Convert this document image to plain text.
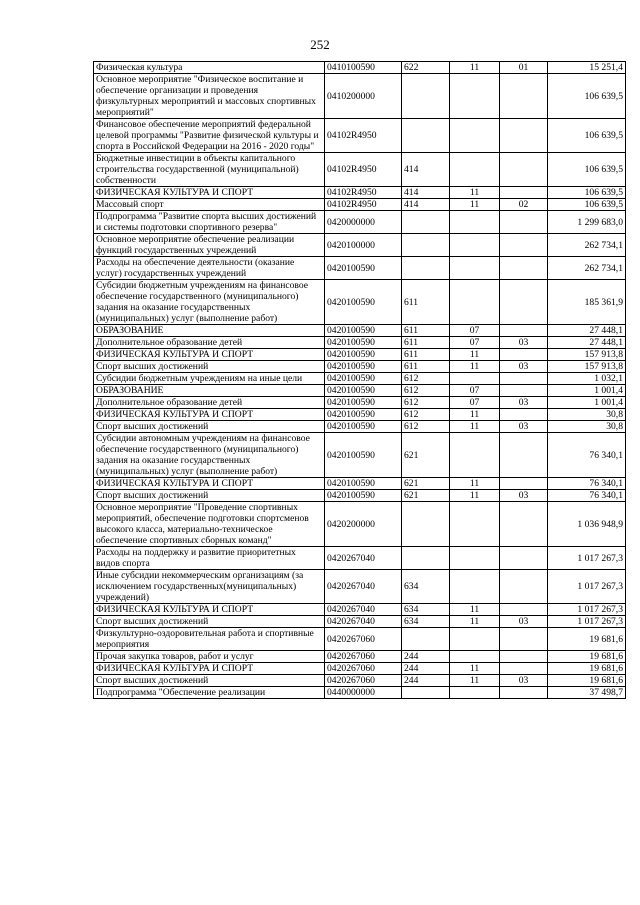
252
Физическая культура	0410100590	622	11	01	15 251,4
Основное мероприятие "Физическое воспитание и обеспечение организации и проведения физкультурных мероприятий и массовых спортивных мероприятий"	0410200000				106 639,5
Финансовое обеспечение мероприятий федеральной целевой программы "Развитие физической культуры и спорта в Российской Федерации на 2016 - 2020 годы"	04102R4950				106 639,5
Бюджетные инвестиции в объекты капитального строительства государственной (муниципальной) собственности	04102R4950	414			106 639,5
ФИЗИЧЕСКАЯ КУЛЬТУРА И СПОРТ	04102R4950	414	11		106 639,5
Массовый спорт	04102R4950	414	11	02	106 639,5
Подпрограмма "Развитие спорта высших достижений и системы подготовки спортивного резерва"	0420000000				1 299 683,0
Основное мероприятие обеспечение реализации функций государственных учреждений	0420100000				262 734,1
Расходы на обеспечение деятельности (оказание услуг) государственных учреждений	0420100590				262 734,1
Субсидии бюджетным учреждениям на финансовое обеспечение государственного (муниципального) задания на оказание государственных (муниципальных) услуг (выполнение работ)	0420100590	611			185 361,9
ОБРАЗОВАНИЕ	0420100590	611	07		27 448,1
Дополнительное образование детей	0420100590	611	07	03	27 448,1
ФИЗИЧЕСКАЯ КУЛЬТУРА И СПОРТ	0420100590	611	11		157 913,8
Спорт высших достижений	0420100590	611	11	03	157 913,8
Субсидии бюджетным учреждениям на иные цели	0420100590	612			1 032,1
ОБРАЗОВАНИЕ	0420100590	612	07		1 001,4
Дополнительное образование детей	0420100590	612	07	03	1 001,4
ФИЗИЧЕСКАЯ КУЛЬТУРА И СПОРТ	0420100590	612	11		30,8
Спорт высших достижений	0420100590	612	11	03	30,8
Субсидии автономным учреждениям на финансовое обеспечение государственного (муниципального) задания на оказание государственных (муниципальных) услуг (выполнение работ)	0420100590	621			76 340,1
ФИЗИЧЕСКАЯ КУЛЬТУРА И СПОРТ	0420100590	621	11		76 340,1
Спорт высших достижений	0420100590	621	11	03	76 340,1
Основное мероприятие "Проведение спортивных мероприятий, обеспечение подготовки спортсменов высокого класса, материально-техническое обеспечение спортивных сборных команд"	0420200000				1 036 948,9
Расходы на поддержку и развитие приоритетных видов спорта	0420267040				1 017 267,3
Иные субсидии некоммерческим организациям (за исключением государственных(муниципальных) учреждений)	0420267040	634			1 017 267,3
ФИЗИЧЕСКАЯ КУЛЬТУРА И СПОРТ	0420267040	634	11		1 017 267,3
Спорт высших достижений	0420267040	634	11	03	1 017 267,3
Физкультурно-оздоровительная работа и спортивные мероприятия	0420267060				19 681,6
Прочая закупка товаров, работ и услуг	0420267060	244			19 681,6
ФИЗИЧЕСКАЯ КУЛЬТУРА И СПОРТ	0420267060	244	11		19 681,6
Спорт высших достижений	0420267060	244	11	03	19 681,6
Подпрограмма "Обеспечение реализации	0440000000				37 498,7
